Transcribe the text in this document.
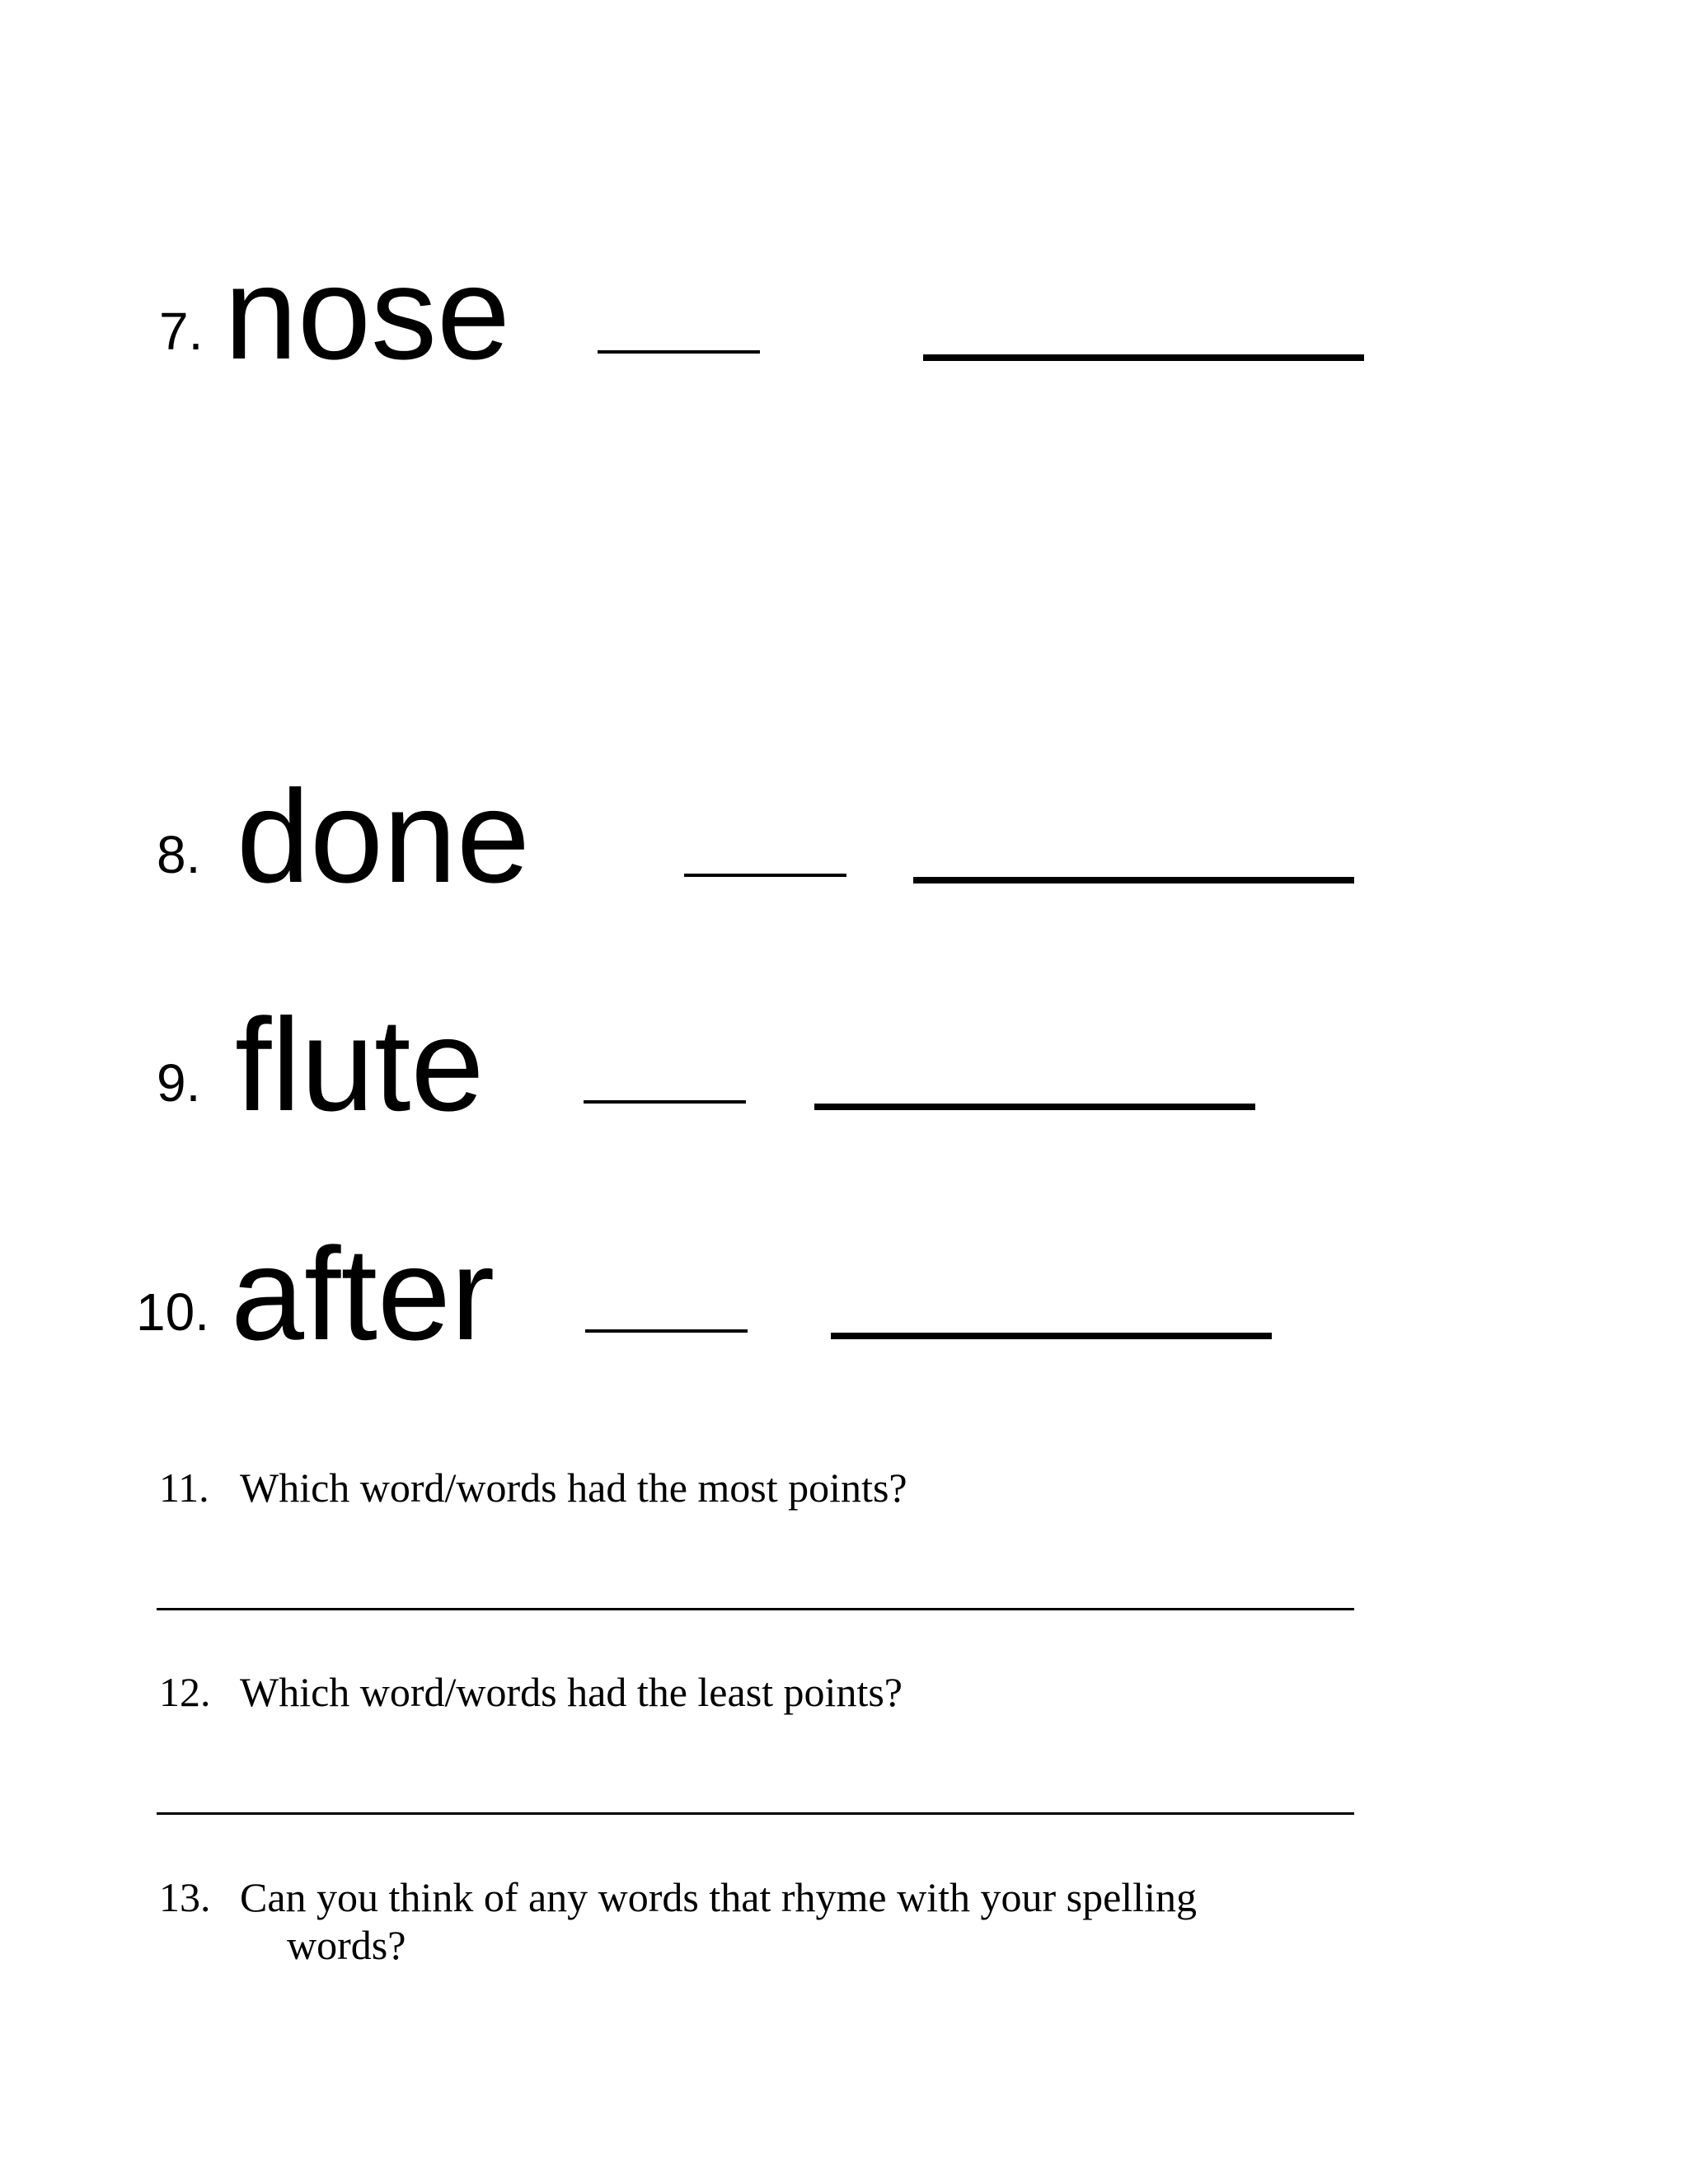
7. nose
8. done
9. flute
10. after
11. Which word/words had the most points?
12. Which word/words had the least points?
13. Can you think of any words that rhyme with your spelling
words?
